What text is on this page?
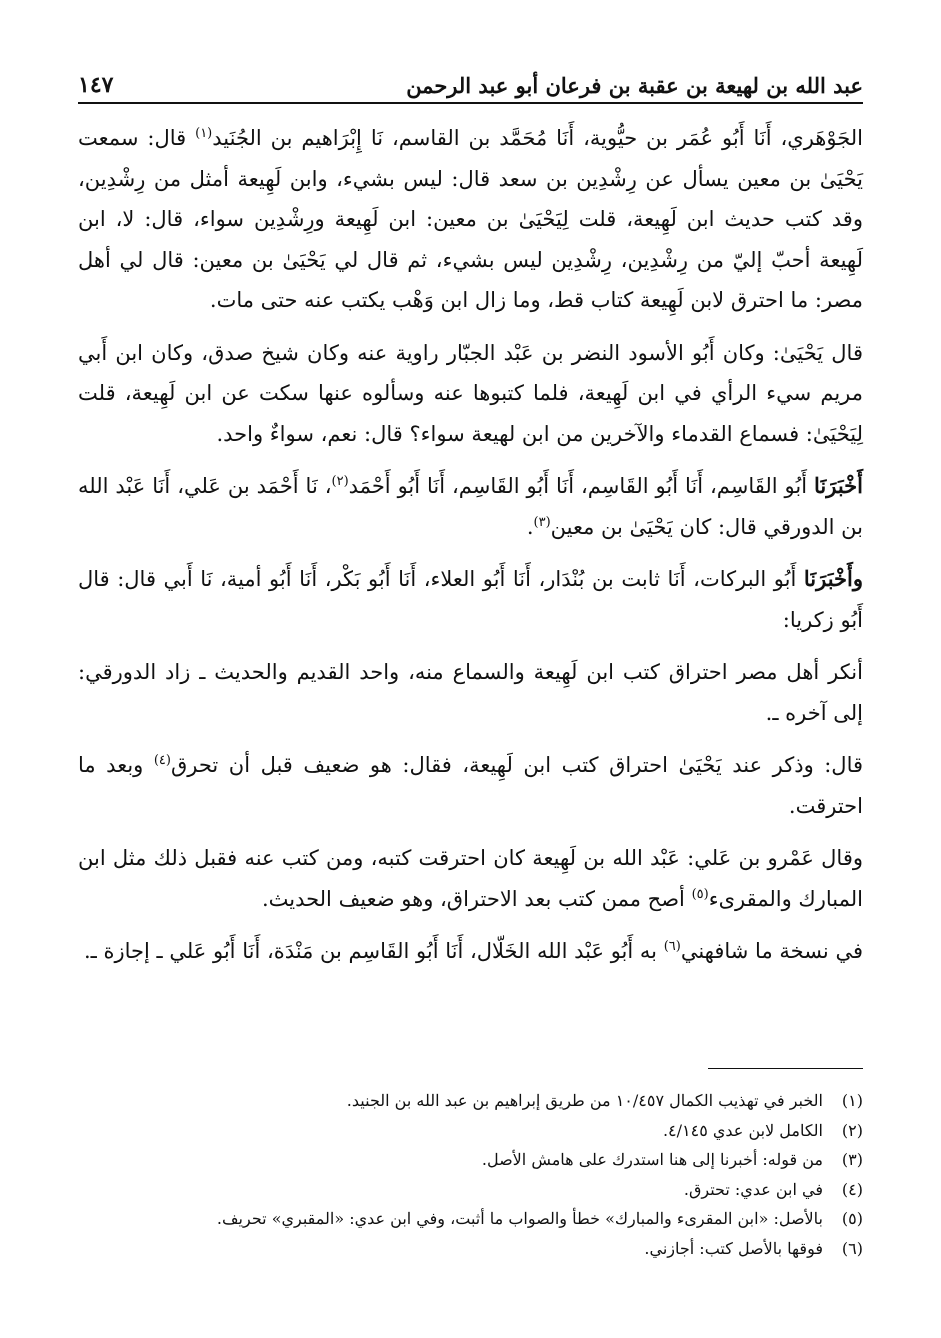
عبد الله بن لهيعة بن عقبة بن فرعان أبو عبد الرحمن
١٤٧

الجَوْهَري، أَنَا أَبُو عُمَر بن حيُّوية، أَنَا مُحَمَّد بن القاسم، نَا إِبْرَاهيم بن الجُنَيد$^{(١)}$ قال: سمعت يَحْيَىٰ بن معين يسأل عن رِشْدِين بن سعد قال: ليس بشيء، وابن لَهِيعة أمثل من رِشْدِين، وقد كتب حديث ابن لَهِيعة، قلت لِيَحْيَىٰ بن معين: ابن لَهِيعة ورِشْدِين سواء، قال: لا، ابن لَهِيعة أحبّ إليّ من رِشْدِين، رِشْدِين ليس بشيء، ثم قال لي يَحْيَىٰ بن معين: قال لي أهل مصر: ما احترق لابن لَهِيعة كتاب قط، وما زال ابن وَهْب يكتب عنه حتى مات.

قال يَحْيَىٰ: وكان أَبُو الأسود النضر بن عَبْد الجبّار راوية عنه وكان شيخ صدق، وكان ابن أَبي مريم سيء الرأي في ابن لَهِيعة، فلما كتبوها عنه وسألوه عنها سكت عن ابن لَهِيعة، قلت لِيَحْيَىٰ: فسماع القدماء والآخرين من ابن لهيعة سواء؟ قال: نعم، سواءٌ واحد.

أَخْبَرَنَا أَبُو القَاسِم، أَنَا أَبُو القَاسِم، أَنَا أَبُو القَاسِم، أَنَا أَبُو أَحْمَد$^{(٢)}$، نَا أَحْمَد بن عَلي، أَنَا عَبْد الله بن الدورقي قال: كان يَحْيَىٰ بن معين$^{(٣)}$.

وأَخْبَرَنَا أَبُو البركات، أَنَا ثابت بن بُنْدَار، أَنَا أَبُو العلاء، أَنَا أَبُو بَكْر، أَنَا أَبُو أمية، نَا أَبي قال: قال أَبُو زكريا:

أنكر أهل مصر احتراق كتب ابن لَهِيعة والسماع منه، واحد القديم والحديث ـ زاد الدورقي: إلى آخره ـ.

قال: وذكر عند يَحْيَىٰ احتراق كتب ابن لَهِيعة، فقال: هو ضعيف قبل أن تحرق$^{(٤)}$ وبعد ما احترقت.

وقال عَمْرو بن عَلي: عَبْد الله بن لَهِيعة كان احترقت كتبه، ومن كتب عنه فقبل ذلك مثل ابن المبارك والمقرىء$^{(٥)}$ أصح ممن كتب بعد الاحتراق، وهو ضعيف الحديث.

في نسخة ما شافهني$^{(٦)}$ به أَبُو عَبْد الله الخَلّال، أَنَا أَبُو القَاسِم بن مَنْدَة، أَنَا أَبُو عَلي ـ إجازة ـ.

(١)
الخبر في تهذيب الكمال ١٠/٤٥٧ من طريق إبراهيم بن عبد الله بن الجنيد.
(٢)
الكامل لابن عدي ٤/١٤٥.
(٣)
من قوله: أخبرنا إلى هنا استدرك على هامش الأصل.
(٤)
في ابن عدي: تحترق.
(٥)
بالأصل: «ابن المقرىء والمبارك» خطأ والصواب ما أثبت، وفي ابن عدي: «المقبري» تحريف.
(٦)
فوقها بالأصل كتب: أجازني.
